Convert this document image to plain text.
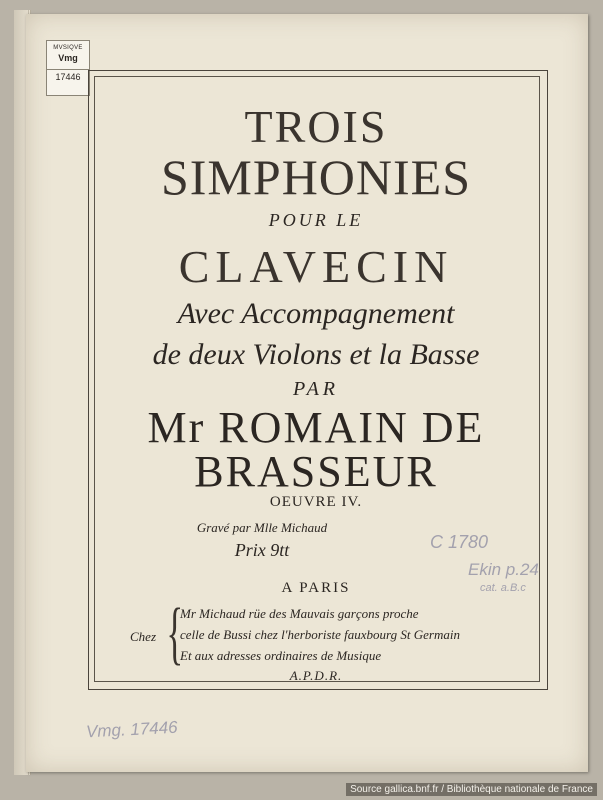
MVSIQVE
Vmg
17446
TROIS
SIMPHONIES
POUR LE
CLAVECIN
Avec Accompagnement
de deux Violons et la Basse
PAR
Mr ROMAIN DE
BRASSEUR
OEUVRE IV.
Gravé par Mlle Michaud
Prix 9tt
A PARIS
Chez {
Mr Michaud rüe des Mauvais garçons proche
celle de Bussi chez l'herboriste fauxbourg St Germain
Et aux adresses ordinaires de Musique
A.P.D.R.
C 1780
Ekin p.24
cat. a.B.c
Vmg. 17446
Source gallica.bnf.fr / Bibliothèque nationale de France
